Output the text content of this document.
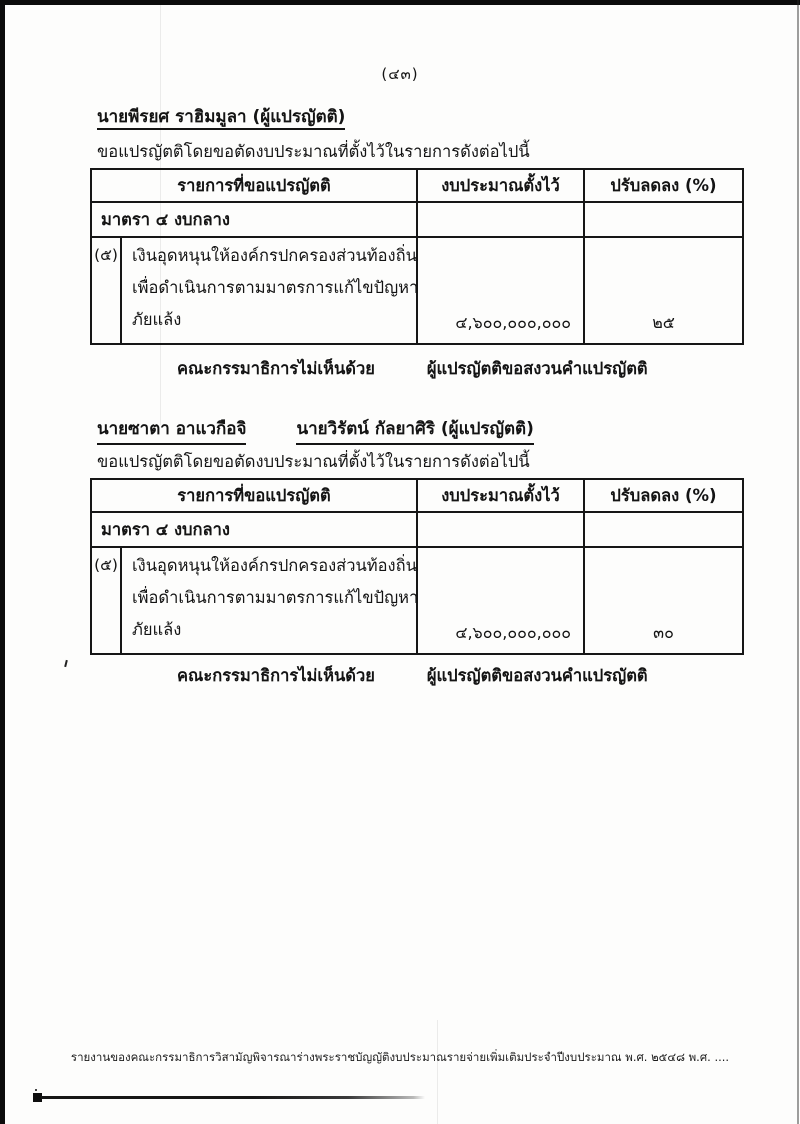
(๔๓)
นายพีรยศ ราฮิมมูลา (ผู้แปรญัตติ)
ขอแปรญัตติโดยขอตัดงบประมาณที่ตั้งไว้ในรายการดังต่อไปนี้
รายการที่ขอแปรญัตติ		งบประมาณตั้งไว้	ปรับลดลง (%)
มาตรา ๔ งบกลาง			
(๕)	เงินอุดหนุนให้องค์กรปกครองส่วนท้องถิ่น
เพื่อดำเนินการตามมาตรการแก้ไขปัญหา
ภัยแล้ง	๔,๖๐๐,๐๐๐,๐๐๐	๒๕
คณะกรรมาธิการไม่เห็นด้วย	ผู้แปรญัตติขอสงวนคำแปรญัตติ
นายซาตา อาแวกือจิ	นายวิรัตน์ กัลยาศิริ (ผู้แปรญัตติ)
ขอแปรญัตติโดยขอตัดงบประมาณที่ตั้งไว้ในรายการดังต่อไปนี้
รายการที่ขอแปรญัตติ		งบประมาณตั้งไว้	ปรับลดลง (%)
มาตรา ๔ งบกลาง			
(๕)	เงินอุดหนุนให้องค์กรปกครองส่วนท้องถิ่น
เพื่อดำเนินการตามมาตรการแก้ไขปัญหา
ภัยแล้ง	๔,๖๐๐,๐๐๐,๐๐๐	๓๐
คณะกรรมาธิการไม่เห็นด้วย	ผู้แปรญัตติขอสงวนคำแปรญัตติ
รายงานของคณะกรรมาธิการวิสามัญพิจารณาร่างพระราชบัญญัติงบประมาณรายจ่ายเพิ่มเติมประจำปีงบประมาณ พ.ศ. ๒๕๔๘ พ.ศ. ....
